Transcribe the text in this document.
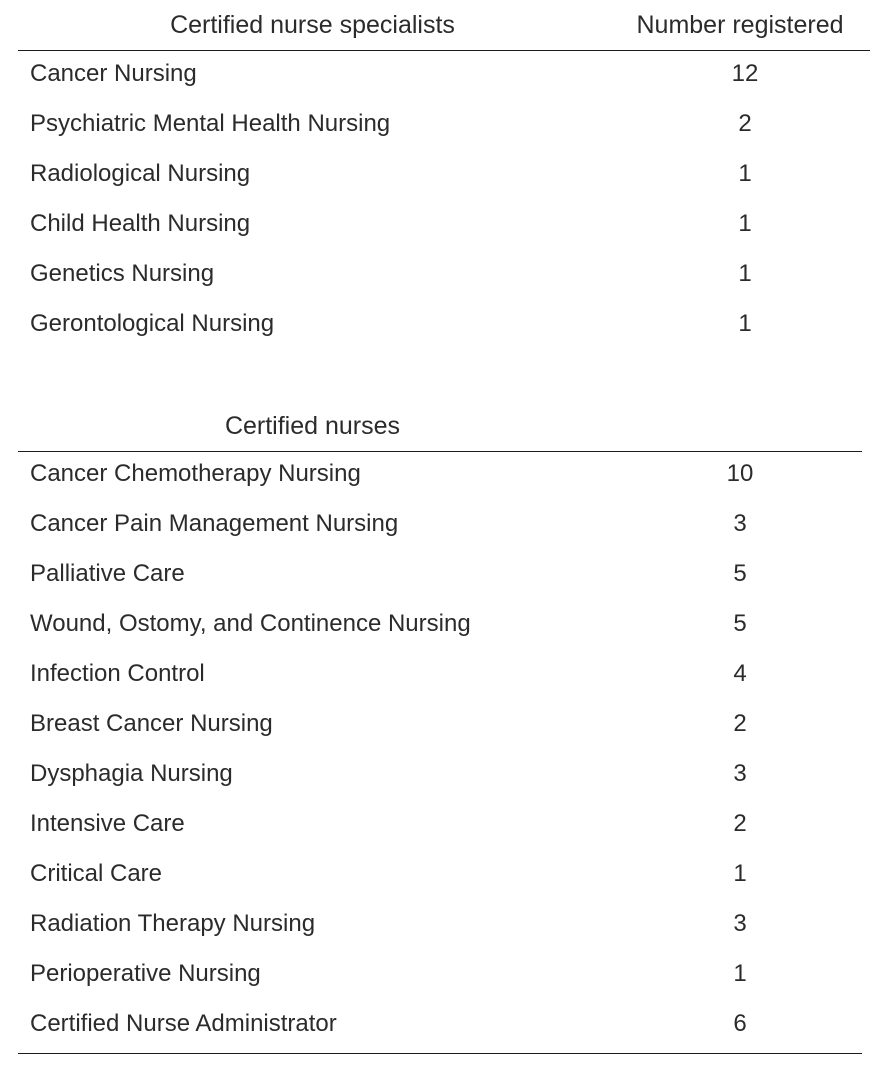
Certified nurse specialists	Number registered
Cancer Nursing	12
Psychiatric Mental Health Nursing	2
Radiological Nursing	1
Child Health Nursing	1
Genetics Nursing	1
Gerontological Nursing	1
Certified nurses
Cancer Chemotherapy Nursing	10
Cancer Pain Management Nursing	3
Palliative Care	5
Wound, Ostomy, and Continence Nursing	5
Infection Control	4
Breast Cancer Nursing	2
Dysphagia Nursing	3
Intensive Care	2
Critical Care	1
Radiation Therapy Nursing	3
Perioperative Nursing	1
Certified Nurse Administrator	6
